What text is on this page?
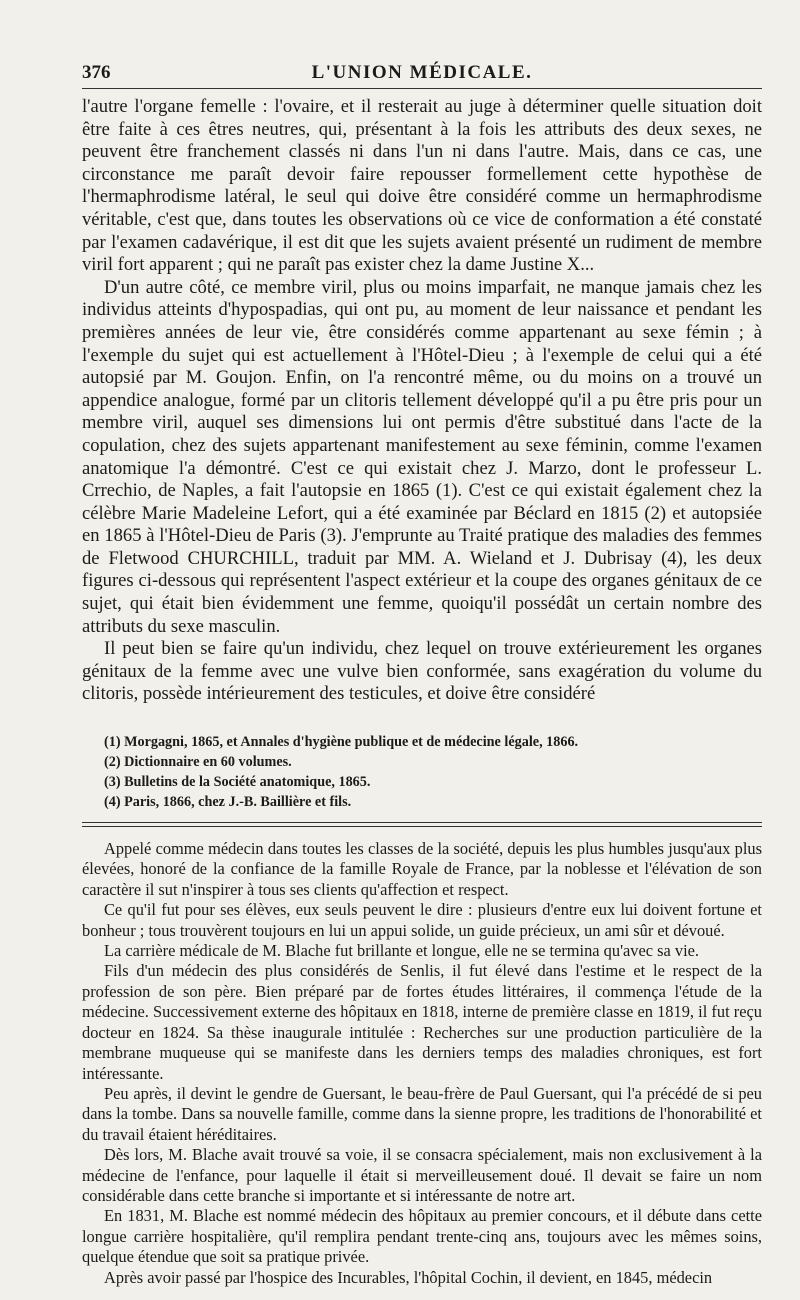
376	L'UNION MÉDICALE.

l'autre l'organe femelle : l'ovaire, et il resterait au juge à déterminer quelle situation doit être faite à ces êtres neutres, qui, présentant à la fois les attributs des deux sexes, ne peuvent être franchement classés ni dans l'un ni dans l'autre. Mais, dans ce cas, une circonstance me paraît devoir faire repousser formellement cette hypothèse de l'hermaphrodisme latéral, le seul qui doive être considéré comme un hermaphrodisme véritable, c'est que, dans toutes les observations où ce vice de conformation a été constaté par l'examen cadavérique, il est dit que les sujets avaient présenté un rudiment de membre viril fort apparent ; qui ne paraît pas exister chez la dame Justine X...

D'un autre côté, ce membre viril, plus ou moins imparfait, ne manque jamais chez les individus atteints d'hypospadias, qui ont pu, au moment de leur naissance et pendant les premières années de leur vie, être considérés comme appartenant au sexe fémin ; à l'exemple du sujet qui est actuellement à l'Hôtel-Dieu ; à l'exemple de celui qui a été autopsié par M. Goujon. Enfin, on l'a rencontré même, ou du moins on a trouvé un appendice analogue, formé par un clitoris tellement développé qu'il a pu être pris pour un membre viril, auquel ses dimensions lui ont permis d'être substitué dans l'acte de la copulation, chez des sujets appartenant manifestement au sexe féminin, comme l'examen anatomique l'a démontré. C'est ce qui existait chez J. Marzo, dont le professeur L. Crrechio, de Naples, a fait l'autopsie en 1865 (1). C'est ce qui existait également chez la célèbre Marie Madeleine Lefort, qui a été examinée par Béclard en 1815 (2) et autopsiée en 1865 à l'Hôtel-Dieu de Paris (3). J'emprunte au Traité pratique des maladies des femmes de Fletwood CHURCHILL, traduit par MM. A. Wieland et J. Dubrisay (4), les deux figures ci-dessous qui représentent l'aspect extérieur et la coupe des organes génitaux de ce sujet, qui était bien évidemment une femme, quoiqu'il possédât un certain nombre des attributs du sexe masculin.

Il peut bien se faire qu'un individu, chez lequel on trouve extérieurement les organes génitaux de la femme avec une vulve bien conformée, sans exagération du volume du clitoris, possède intérieurement des testicules, et doive être considéré

(1) Morgagni, 1865, et Annales d'hygiène publique et de médecine légale, 1866.
(2) Dictionnaire en 60 volumes.
(3) Bulletins de la Société anatomique, 1865.
(4) Paris, 1866, chez J.-B. Baillière et fils.

Appelé comme médecin dans toutes les classes de la société, depuis les plus humbles jusqu'aux plus élevées, honoré de la confiance de la famille Royale de France, par la noblesse et l'élévation de son caractère il sut n'inspirer à tous ses clients qu'affection et respect.

Ce qu'il fut pour ses élèves, eux seuls peuvent le dire : plusieurs d'entre eux lui doivent fortune et bonheur ; tous trouvèrent toujours en lui un appui solide, un guide précieux, un ami sûr et dévoué.

La carrière médicale de M. Blache fut brillante et longue, elle ne se termina qu'avec sa vie.

Fils d'un médecin des plus considérés de Senlis, il fut élevé dans l'estime et le respect de la profession de son père. Bien préparé par de fortes études littéraires, il commença l'étude de la médecine. Successivement externe des hôpitaux en 1818, interne de première classe en 1819, il fut reçu docteur en 1824. Sa thèse inaugurale intitulée : Recherches sur une production particulière de la membrane muqueuse qui se manifeste dans les derniers temps des maladies chroniques, est fort intéressante.

Peu après, il devint le gendre de Guersant, le beau-frère de Paul Guersant, qui l'a précédé de si peu dans la tombe. Dans sa nouvelle famille, comme dans la sienne propre, les traditions de l'honorabilité et du travail étaient héréditaires.

Dès lors, M. Blache avait trouvé sa voie, il se consacra spécialement, mais non exclusivement à la médecine de l'enfance, pour laquelle il était si merveilleusement doué. Il devait se faire un nom considérable dans cette branche si importante et si intéressante de notre art.

En 1831, M. Blache est nommé médecin des hôpitaux au premier concours, et il débute dans cette longue carrière hospitalière, qu'il remplira pendant trente-cinq ans, toujours avec les mêmes soins, quelque étendue que soit sa pratique privée.

Après avoir passé par l'hospice des Incurables, l'hôpital Cochin, il devient, en 1845, médecin
